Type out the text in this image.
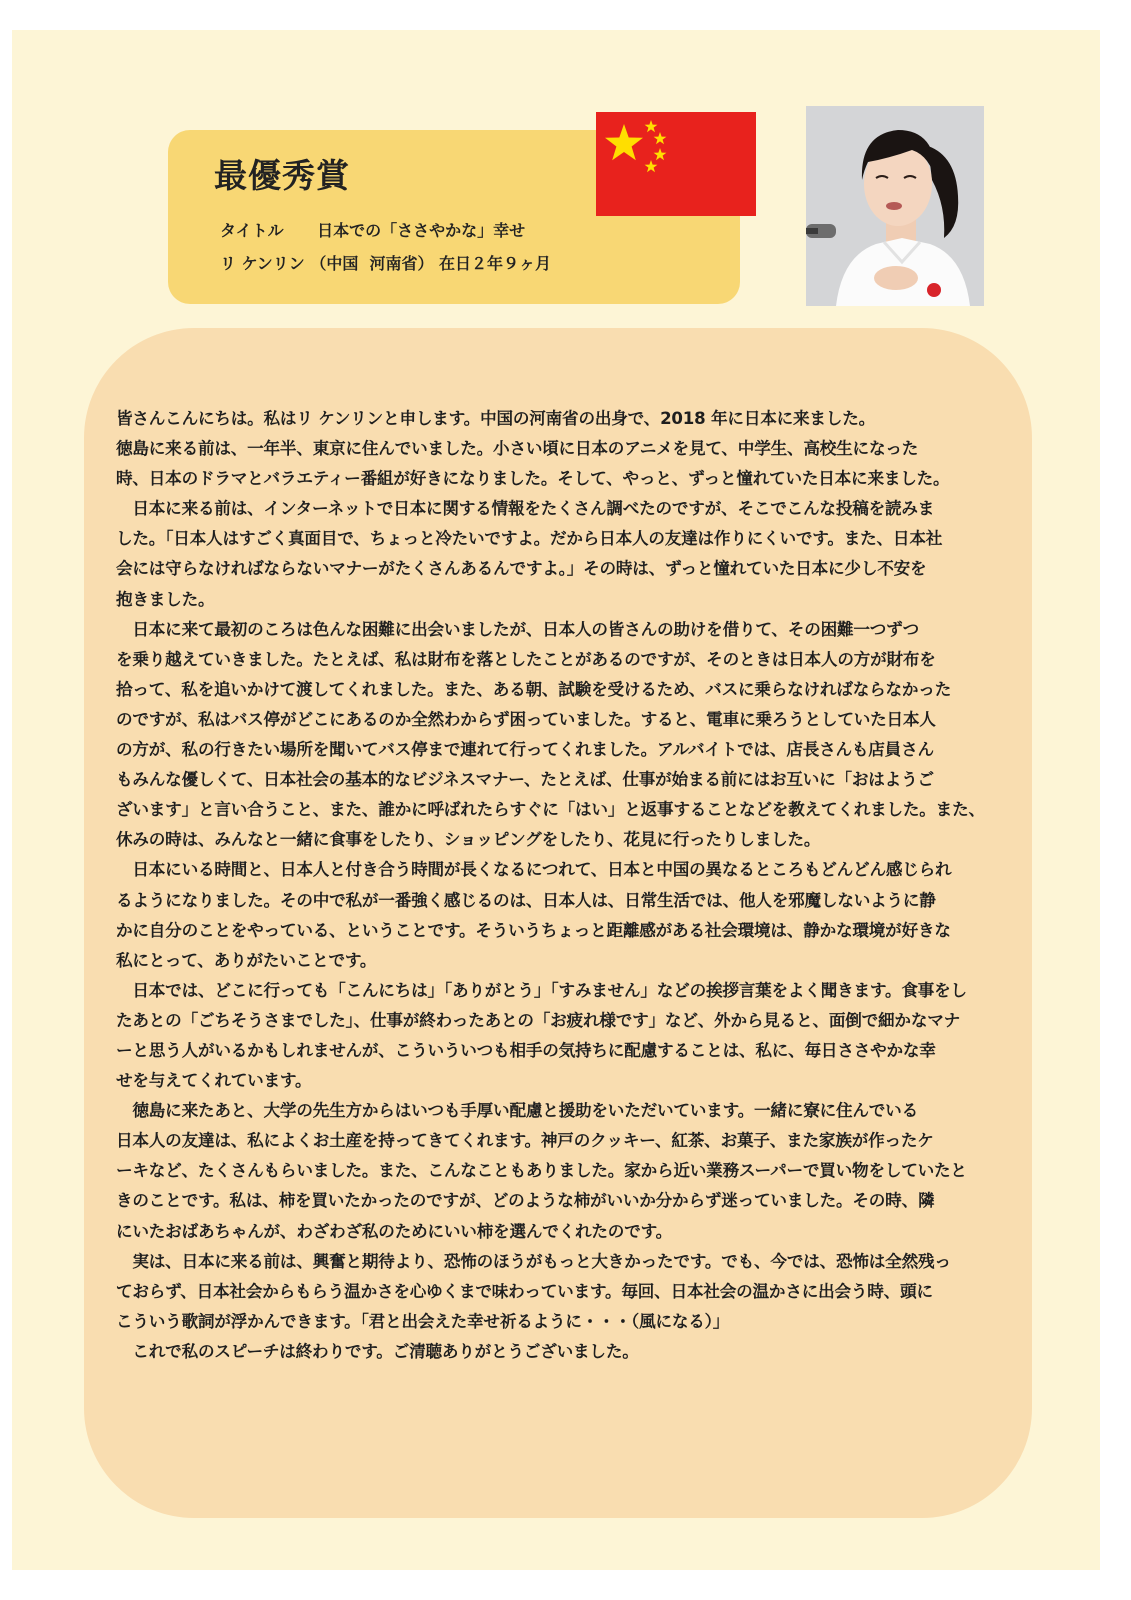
最優秀賞
タイトル 日本での「ささやかな」幸せ
リ ケンリン （中国  河南省） 在日２年９ヶ月

皆さんこんにちは。私はリ ケンリンと申します。中国の河南省の出身で、2018 年に日本に来ました。

徳島に来る前は、一年半、東京に住んでいました。小さい頃に日本のアニメを見て、中学生、高校生になった

時、日本のドラマとバラエティー番組が好きになりました。そして、やっと、ずっと憧れていた日本に来ました。

　日本に来る前は、インターネットで日本に関する情報をたくさん調べたのですが、そこでこんな投稿を読みま

した。「日本人はすごく真面目で、ちょっと冷たいですよ。だから日本人の友達は作りにくいです。また、日本社

会には守らなければならないマナーがたくさんあるんですよ。」その時は、ずっと憧れていた日本に少し不安を

抱きました。

　日本に来て最初のころは色んな困難に出会いましたが、日本人の皆さんの助けを借りて、その困難一つずつ

を乗り越えていきました。たとえば、私は財布を落としたことがあるのですが、そのときは日本人の方が財布を

拾って、私を追いかけて渡してくれました。また、ある朝、試験を受けるため、バスに乗らなければならなかった

のですが、私はバス停がどこにあるのか全然わからず困っていました。すると、電車に乗ろうとしていた日本人

の方が、私の行きたい場所を聞いてバス停まで連れて行ってくれました。アルバイトでは、店長さんも店員さん

もみんな優しくて、日本社会の基本的なビジネスマナー、たとえば、仕事が始まる前にはお互いに「おはようご

ざいます」と言い合うこと、また、誰かに呼ばれたらすぐに「はい」と返事することなどを教えてくれました。また、

休みの時は、みんなと一緒に食事をしたり、ショッピングをしたり、花見に行ったりしました。

　日本にいる時間と、日本人と付き合う時間が長くなるにつれて、日本と中国の異なるところもどんどん感じられ

るようになりました。その中で私が一番強く感じるのは、日本人は、日常生活では、他人を邪魔しないように静

かに自分のことをやっている、ということです。そういうちょっと距離感がある社会環境は、静かな環境が好きな

私にとって、ありがたいことです。

　日本では、どこに行っても「こんにちは」「ありがとう」「すみません」などの挨拶言葉をよく聞きます。食事をし

たあとの「ごちそうさまでした」、仕事が終わったあとの「お疲れ様です」など、外から見ると、面倒で細かなマナ

ーと思う人がいるかもしれませんが、こういういつも相手の気持ちに配慮することは、私に、毎日ささやかな幸

せを与えてくれています。

　徳島に来たあと、大学の先生方からはいつも手厚い配慮と援助をいただいています。一緒に寮に住んでいる

日本人の友達は、私によくお土産を持ってきてくれます。神戸のクッキー、紅茶、お菓子、また家族が作ったケ

ーキなど、たくさんもらいました。また、こんなこともありました。家から近い業務スーパーで買い物をしていたと

きのことです。私は、柿を買いたかったのですが、どのような柿がいいか分からず迷っていました。その時、隣

にいたおばあちゃんが、わざわざ私のためにいい柿を選んでくれたのです。

　実は、日本に来る前は、興奮と期待より、恐怖のほうがもっと大きかったです。でも、今では、恐怖は全然残っ

ておらず、日本社会からもらう温かさを心ゆくまで味わっています。毎回、日本社会の温かさに出会う時、頭に

こういう歌詞が浮かんできます。「君と出会えた幸せ祈るように・・・（風になる）」

　これで私のスピーチは終わりです。ご清聴ありがとうございました。
